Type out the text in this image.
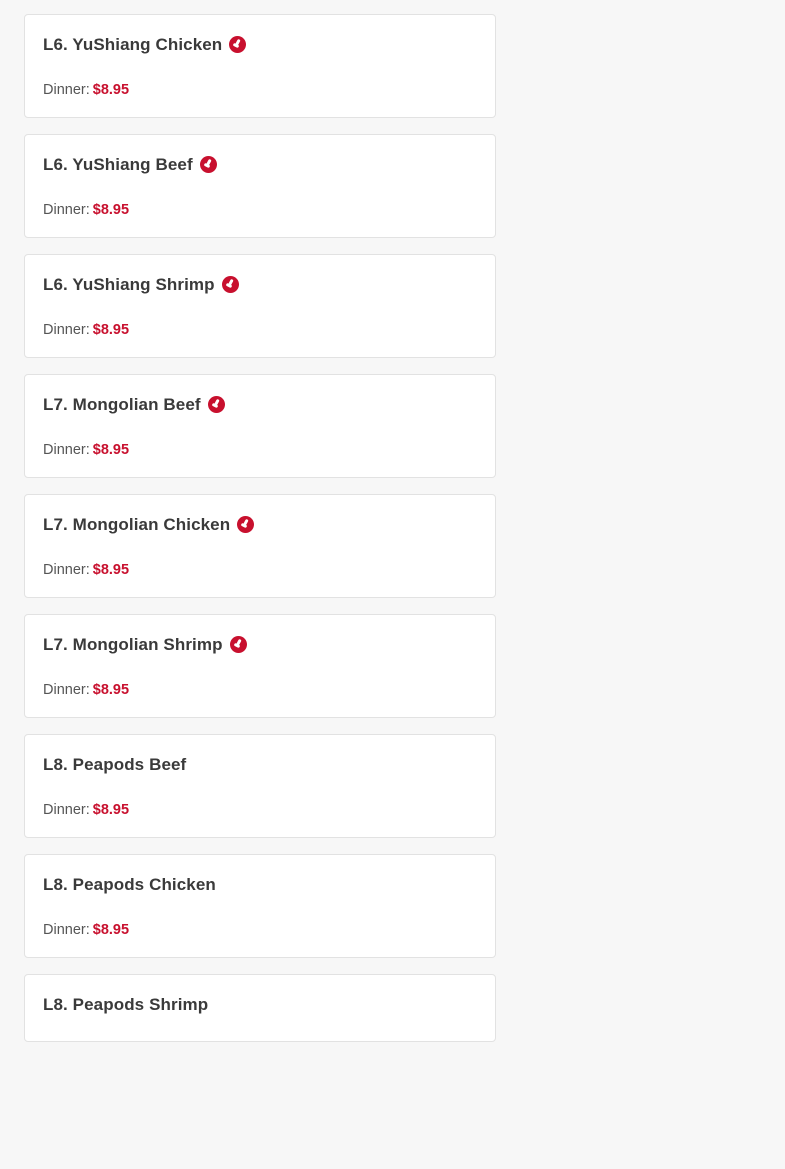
L6. YuShiang Chicken
Dinner: $8.95
L6. YuShiang Beef
Dinner: $8.95
L6. YuShiang Shrimp
Dinner: $8.95
L7. Mongolian Beef
Dinner: $8.95
L7. Mongolian Chicken
Dinner: $8.95
L7. Mongolian Shrimp
Dinner: $8.95
L8. Peapods Beef
Dinner: $8.95
L8. Peapods Chicken
Dinner: $8.95
L8. Peapods Shrimp
